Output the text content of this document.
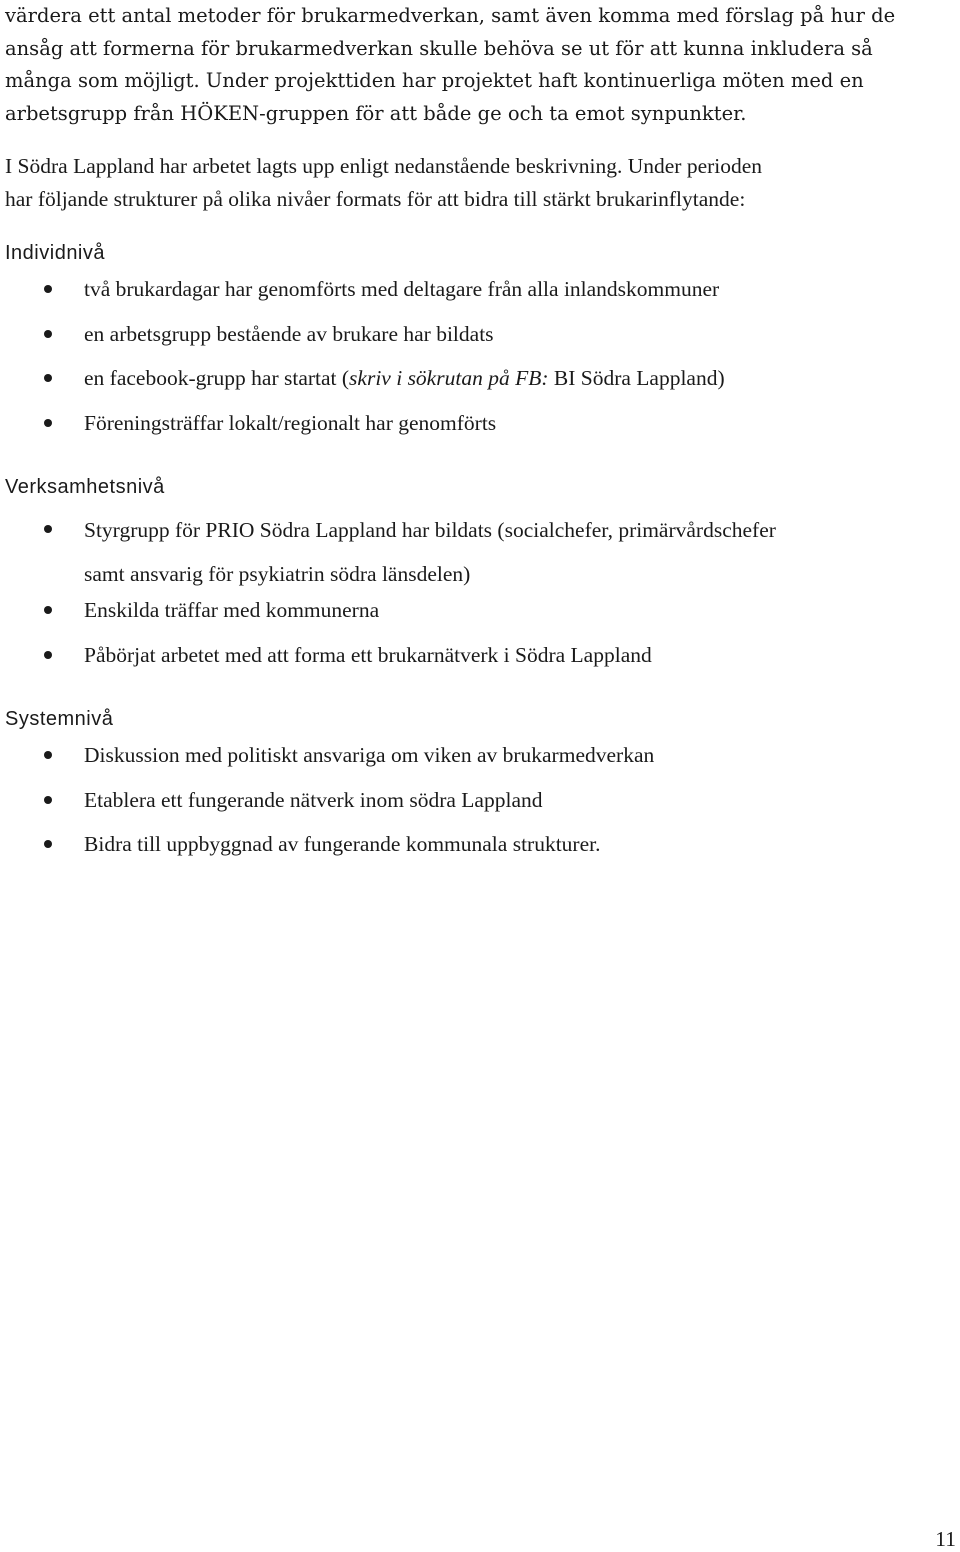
värdera ett antal metoder för brukarmedverkan, samt även komma med förslag på hur de
ansåg att formerna för brukarmedverkan skulle behöva se ut för att kunna inkludera så
många som möjligt. Under projekttiden har projektet haft kontinuerliga möten med en
arbetsgrupp från HÖKEN-gruppen för att både ge och ta emot synpunkter.
I Södra Lappland har arbetet lagts upp enligt nedanstående beskrivning. Under perioden
har följande strukturer på olika nivåer formats för att bidra till stärkt brukarinflytande:
Individnivå
två brukardagar har genomförts med deltagare från alla inlandskommuner
en arbetsgrupp bestående av brukare har bildats
en facebook-grupp har startat (skriv i sökrutan på FB: BI Södra Lappland)
Föreningsträffar lokalt/regionalt har genomförts
Verksamhetsnivå
Styrgrupp för PRIO Södra Lappland har bildats (socialchefer, primärvårdschefer
samt ansvarig för psykiatrin södra länsdelen)
Enskilda träffar med kommunerna
Påbörjat arbetet med att forma ett brukarnätverk i Södra Lappland
Systemnivå
Diskussion med politiskt ansvariga om viken av brukarmedverkan
Etablera ett fungerande nätverk inom södra Lappland
Bidra till uppbyggnad av fungerande kommunala strukturer.

11
